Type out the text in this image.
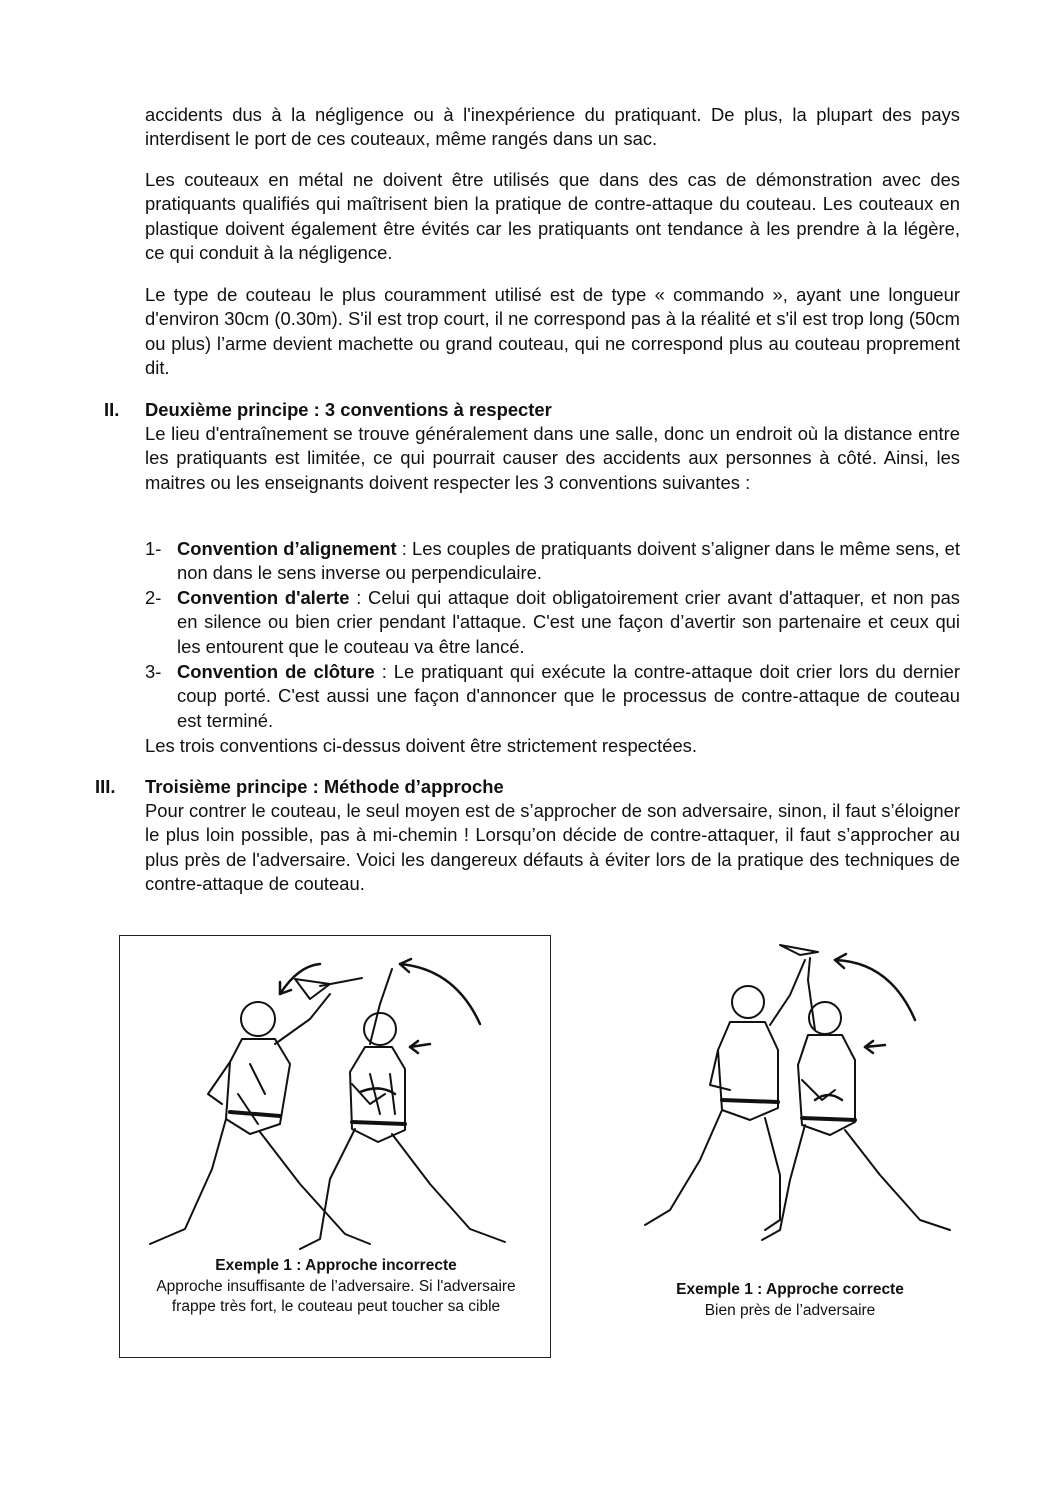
accidents dus à la négligence ou à l'inexpérience du pratiquant. De plus, la plupart des pays interdisent le port de ces couteaux, même rangés dans un sac.

Les couteaux en métal ne doivent être utilisés que dans des cas de démonstration avec des pratiquants qualifiés qui maîtrisent bien la pratique de contre-attaque du couteau. Les couteaux en plastique doivent également être évités car les pratiquants ont tendance à les prendre à la légère, ce qui conduit à la négligence.

Le type de couteau le plus couramment utilisé est de type « commando », ayant une longueur d'environ 30cm (0.30m). S'il est trop court, il ne correspond pas à la réalité et s'il est trop long (50cm ou plus) l’arme devient machette ou grand couteau, qui ne correspond plus au couteau proprement dit.

II. Deuxième principe : 3 conventions à respecter

Le lieu d'entraînement se trouve généralement dans une salle, donc un endroit où la distance entre les pratiquants est limitée, ce qui pourrait causer des accidents aux personnes à côté. Ainsi, les maitres ou les enseignants doivent respecter les 3 conventions suivantes :

1- Convention d’alignement : Les couples de pratiquants doivent s’aligner dans le même sens, et non dans le sens inverse ou perpendiculaire.
2- Convention d'alerte : Celui qui attaque doit obligatoirement crier avant d'attaquer, et non pas en silence ou bien crier pendant l'attaque. C'est une façon d’avertir son partenaire et ceux qui les entourent que le couteau va être lancé.
3- Convention de clôture : Le pratiquant qui exécute la contre-attaque doit crier lors du dernier coup porté. C'est aussi une façon d'annoncer que le processus de contre-attaque de couteau est terminé.

Les trois conventions ci-dessus doivent être strictement respectées.

III. Troisième principe : Méthode d’approche

Pour contrer le couteau, le seul moyen est de s’approcher de son adversaire, sinon, il faut s’éloigner le plus loin possible, pas à mi-chemin ! Lorsqu’on décide de contre-attaquer, il faut s’approcher au plus près de l'adversaire. Voici les dangereux défauts à éviter lors de la pratique des techniques de contre-attaque de couteau.

Exemple 1 : Approche incorrecte
Approche insuffisante de l’adversaire. Si l'adversaire frappe très fort, le couteau peut toucher sa cible
Exemple 1 : Approche correcte
Bien près de l’adversaire
